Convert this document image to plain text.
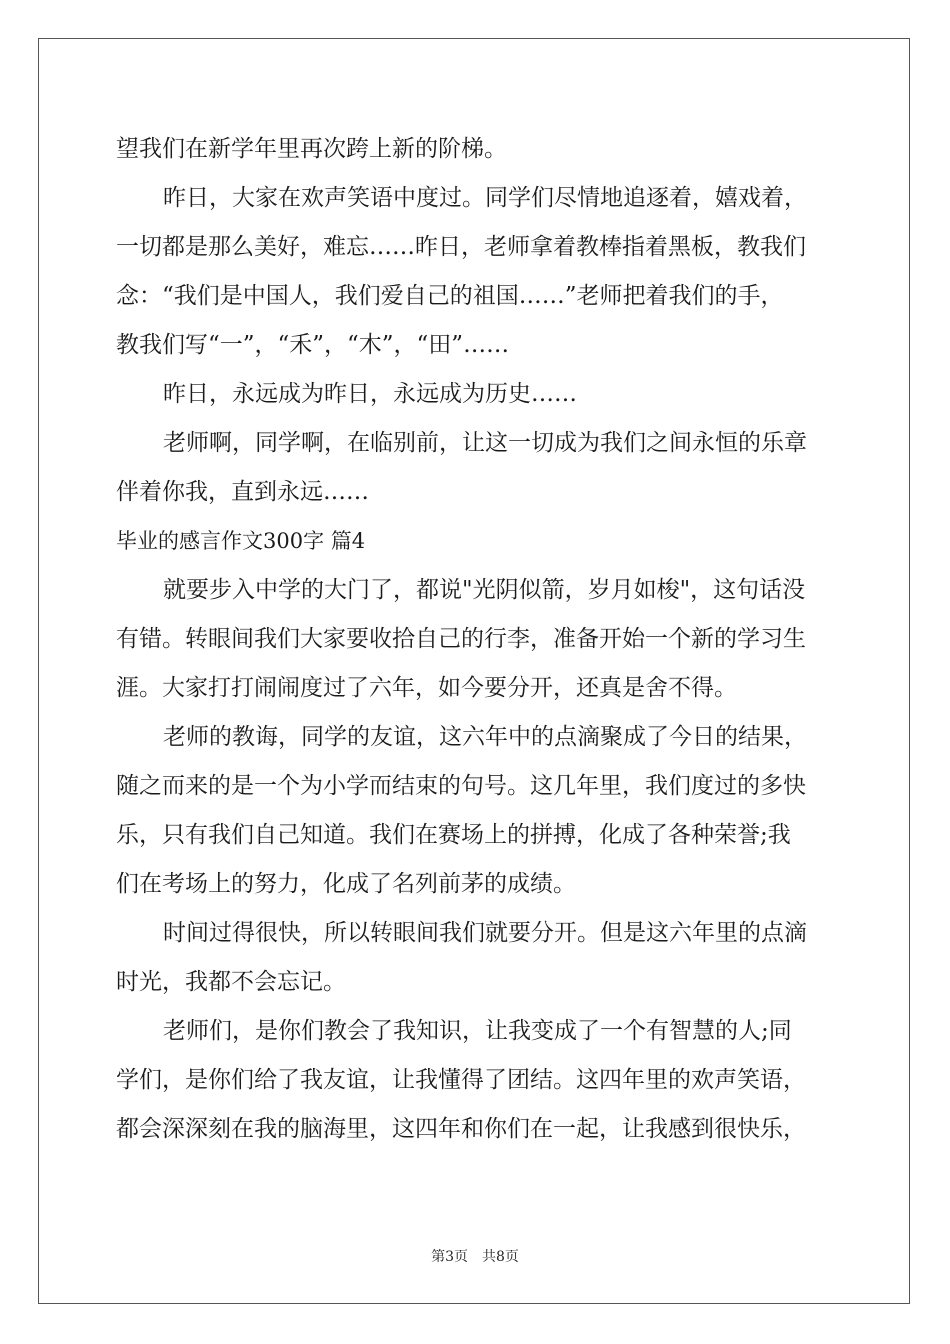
望我们在新学年里再次跨上新的阶梯。
昨日，大家在欢声笑语中度过。同学们尽情地追逐着，嬉戏着，
一切都是那么美好，难忘……昨日，老师拿着教棒指着黑板，教我们
念：“我们是中国人，我们爱自己的祖国……”老师把着我们的手，
教我们写“一”，“禾”，“木”，“田”……
昨日，永远成为昨日，永远成为历史……
老师啊，同学啊，在临别前，让这一切成为我们之间永恒的乐章
伴着你我，直到永远……
毕业的感言作文300字 篇4
就要步入中学的大门了，都说"光阴似箭，岁月如梭"，这句话没
有错。转眼间我们大家要收拾自己的行李，准备开始一个新的学习生
涯。大家打打闹闹度过了六年，如今要分开，还真是舍不得。
老师的教诲，同学的友谊，这六年中的点滴聚成了今日的结果，
随之而来的是一个为小学而结束的句号。这几年里，我们度过的多快
乐，只有我们自己知道。我们在赛场上的拼搏，化成了各种荣誉;我
们在考场上的努力，化成了名列前茅的成绩。
时间过得很快，所以转眼间我们就要分开。但是这六年里的点滴
时光，我都不会忘记。
老师们，是你们教会了我知识，让我变成了一个有智慧的人;同
学们，是你们给了我友谊，让我懂得了团结。这四年里的欢声笑语，
都会深深刻在我的脑海里，这四年和你们在一起，让我感到很快乐，
第3页 共8页
